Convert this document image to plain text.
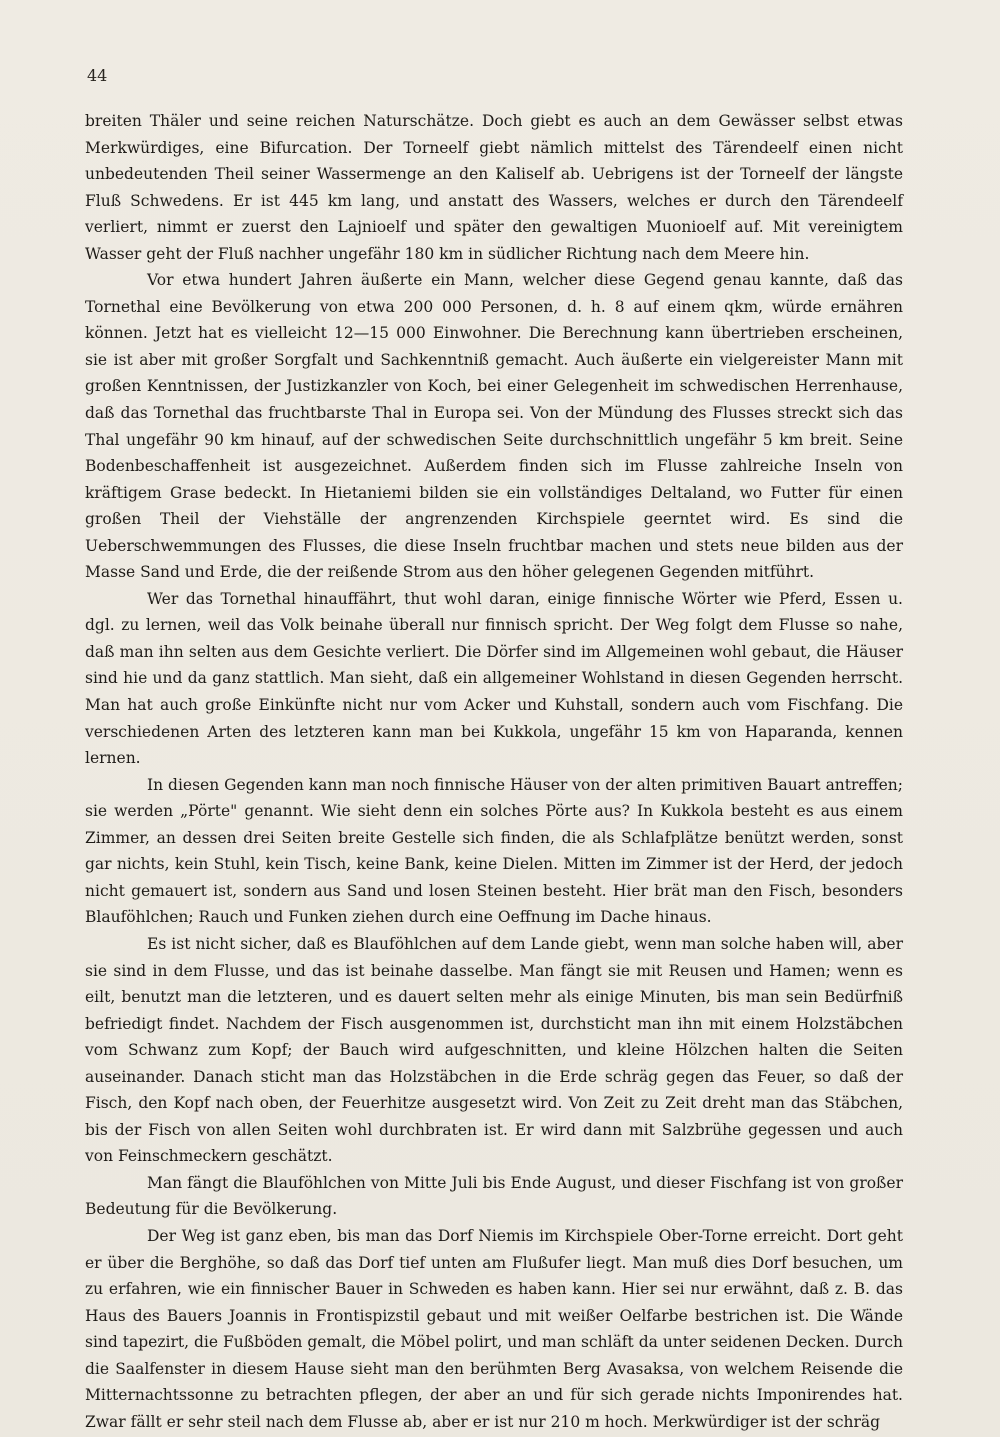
44

breiten Thäler und seine reichen Naturschätze. Doch giebt es auch an dem Gewässer selbst etwas Merkwürdiges, eine Bifurcation. Der Torneelf giebt nämlich mittelst des Tärendeelf einen nicht unbedeutenden Theil seiner Wassermenge an den Kaliself ab. Uebrigens ist der Torneelf der längste Fluß Schwedens. Er ist 445 km lang, und anstatt des Wassers, welches er durch den Tärendeelf verliert, nimmt er zuerst den Lajnioelf und später den gewaltigen Muonioelf auf. Mit vereinigtem Wasser geht der Fluß nachher ungefähr 180 km in südlicher Richtung nach dem Meere hin.

Vor etwa hundert Jahren äußerte ein Mann, welcher diese Gegend genau kannte, daß das Tornethal eine Bevölkerung von etwa 200 000 Personen, d. h. 8 auf einem qkm, würde ernähren können. Jetzt hat es vielleicht 12—15 000 Einwohner. Die Berechnung kann übertrieben erscheinen, sie ist aber mit großer Sorgfalt und Sachkenntniß gemacht. Auch äußerte ein vielgereister Mann mit großen Kenntnissen, der Justizkanzler von Koch, bei einer Gelegenheit im schwedischen Herrenhause, daß das Tornethal das fruchtbarste Thal in Europa sei. Von der Mündung des Flusses streckt sich das Thal ungefähr 90 km hinauf, auf der schwedischen Seite durchschnittlich ungefähr 5 km breit. Seine Bodenbeschaffenheit ist ausgezeichnet. Außerdem finden sich im Flusse zahlreiche Inseln von kräftigem Grase bedeckt. In Hietaniemi bilden sie ein vollständiges Deltaland, wo Futter für einen großen Theil der Viehställe der angrenzenden Kirchspiele geerntet wird. Es sind die Ueberschwemmungen des Flusses, die diese Inseln fruchtbar machen und stets neue bilden aus der Masse Sand und Erde, die der reißende Strom aus den höher gelegenen Gegenden mitführt.

Wer das Tornethal hinauffährt, thut wohl daran, einige finnische Wörter wie Pferd, Essen u. dgl. zu lernen, weil das Volk beinahe überall nur finnisch spricht. Der Weg folgt dem Flusse so nahe, daß man ihn selten aus dem Gesichte verliert. Die Dörfer sind im Allgemeinen wohl gebaut, die Häuser sind hie und da ganz stattlich. Man sieht, daß ein allgemeiner Wohlstand in diesen Gegenden herrscht. Man hat auch große Einkünfte nicht nur vom Acker und Kuhstall, sondern auch vom Fischfang. Die verschiedenen Arten des letzteren kann man bei Kukkola, ungefähr 15 km von Haparanda, kennen lernen.

In diesen Gegenden kann man noch finnische Häuser von der alten primitiven Bauart antreffen; sie werden „Pörte" genannt. Wie sieht denn ein solches Pörte aus? In Kukkola besteht es aus einem Zimmer, an dessen drei Seiten breite Gestelle sich finden, die als Schlafplätze benützt werden, sonst gar nichts, kein Stuhl, kein Tisch, keine Bank, keine Dielen. Mitten im Zimmer ist der Herd, der jedoch nicht gemauert ist, sondern aus Sand und losen Steinen besteht. Hier brät man den Fisch, besonders Blauföhlchen; Rauch und Funken ziehen durch eine Oeffnung im Dache hinaus.

Es ist nicht sicher, daß es Blauföhlchen auf dem Lande giebt, wenn man solche haben will, aber sie sind in dem Flusse, und das ist beinahe dasselbe. Man fängt sie mit Reusen und Hamen; wenn es eilt, benutzt man die letzteren, und es dauert selten mehr als einige Minuten, bis man sein Bedürfniß befriedigt findet. Nachdem der Fisch ausgenommen ist, durchsticht man ihn mit einem Holzstäbchen vom Schwanz zum Kopf; der Bauch wird aufgeschnitten, und kleine Hölzchen halten die Seiten auseinander. Danach sticht man das Holzstäbchen in die Erde schräg gegen das Feuer, so daß der Fisch, den Kopf nach oben, der Feuerhitze ausgesetzt wird. Von Zeit zu Zeit dreht man das Stäbchen, bis der Fisch von allen Seiten wohl durchbraten ist. Er wird dann mit Salzbrühe gegessen und auch von Feinschmeckern geschätzt.

Man fängt die Blauföhlchen von Mitte Juli bis Ende August, und dieser Fischfang ist von großer Bedeutung für die Bevölkerung.

Der Weg ist ganz eben, bis man das Dorf Niemis im Kirchspiele Ober-Torne erreicht. Dort geht er über die Berghöhe, so daß das Dorf tief unten am Flußufer liegt. Man muß dies Dorf besuchen, um zu erfahren, wie ein finnischer Bauer in Schweden es haben kann. Hier sei nur erwähnt, daß z. B. das Haus des Bauers Joannis in Frontispizstil gebaut und mit weißer Oelfarbe bestrichen ist. Die Wände sind tapezirt, die Fußböden gemalt, die Möbel polirt, und man schläft da unter seidenen Decken. Durch die Saalfenster in diesem Hause sieht man den berühmten Berg Avasaksa, von welchem Reisende die Mitternachtssonne zu betrachten pflegen, der aber an und für sich gerade nichts Imponirendes hat. Zwar fällt er sehr steil nach dem Flusse ab, aber er ist nur 210 m hoch. Merkwürdiger ist der schräg
